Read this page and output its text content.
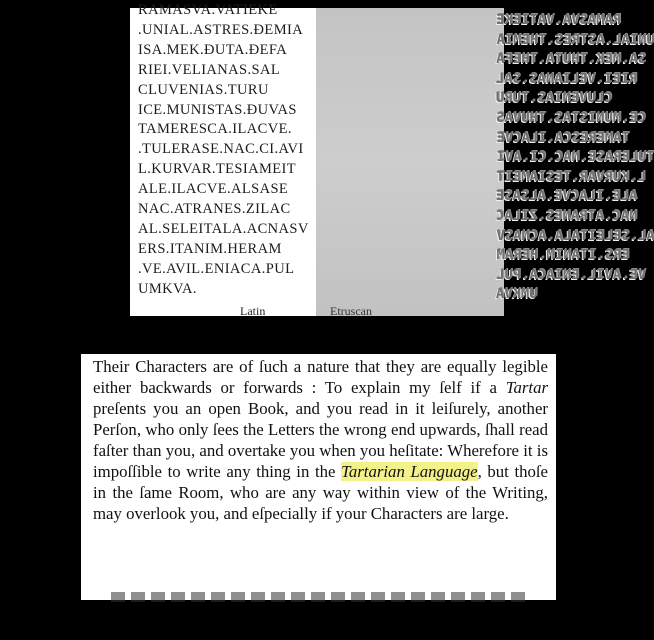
Latin
RAMASVA.VATIEKE
.UNIAL.ASTRES.ĐEMIA
ISA.MEK.ĐUTA.ĐEFA
RIEI.VELIANAS.SAL
CLUVENIAS.TURU
ICE.MUNISTAS.ĐUVAS
TAMERESCA.ILACVE.
.TULERASE.NAC.CI.AVI
L.KURVAR.TESIAMEIT
ALE.ILACVE.ALSASE
NAC.ATRANES.ZILAC
AL.SELEITALA.ACNASV
ERS.ITANIM.HERAM
.VE.AVIL.ENIACA.PUL
UMKVA.
Etruscan
RAMASVA.VATIEKE
UNIAL.ASTRES.THEMIA
SA.MEK.THUTA.THEFA
RIEI.VELIANAS.SAL
CLUVENIAS.TURU
CE.MUNISTAS.THUVAS
TAMERESCA.ILACVE
TULERASE.NAC.CI.AVI
L.KURVAR.TESIAMEIT
ALE.ILACVE.ALSASE
NAC.ATRANES.ZILAC
AL.SELEITALA.ACNASV
ERS.ITANIM.HERAM
VE.AVIL.ENIACA.PUL
UMKVA

Their Characters are of ſuch a nature that they are equally legible either backwards or forwards : To explain my ſelf if a Tartar preſents you an open Book, and you read in it leiſurely, another Perſon, who only ſees the Letters the wrong end upwards, ſhall read faſter than you, and overtake you when you heſitate: Wherefore it is impoſſible to write any thing in the Tartarian Language, but thoſe in the ſame Room, who are any way within view of the Writing, may overlook you, and eſpecially if your Characters are large.
